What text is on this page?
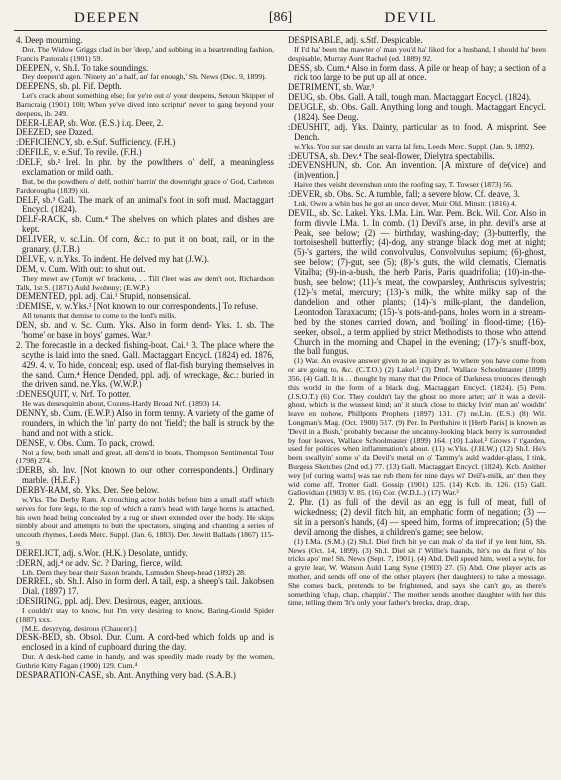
DEEPEN	[86]	DEVIL

4. Deep mourning.

Dor. The Widow Griggs clad in her 'deep,' and sobbing in a heartrending fashion, Francis Pastorals (1901) 59.

DEEPEN, v. Sh.I. To take soundings.

Dey deepen'd agen. 'Ninety an' a half, an' far enough,' Sh. News (Dec. 9, 1899).

DEEPENS, sb. pl. Fif. Depth.

Let's crack about something else; for ye're out o' your deepens, Setoun Skipper of Barncraig (1901) 100; When ye've dived into scriptur' never to gang beyond your deepens, ib. 249.

DEER-LEAP, sb. Wor. (E.S.) i.q. Deer, 2.

DEEZED, see Dazed.

:DEFICIENCY, sb. e.Suf. Sufficiency. (F.H.)

:DEFILE, v. e.Suf. To revile. (F.H.)

:DELF, sb.² Irel. In phr. by the powlthers o' delf, a meaningless exclamation or mild oath.

But, be the powdhers o' delf, nothin' barrin' the downright grace o' God, Carleton Fardorougha (1839) xii.

DELF, sb.³ Gall. The mark of an animal's foot in soft mud. Mactaggart Encycl. (1824).

DELF-RACK, sb. Cum.⁴ The shelves on which plates and dishes are kept.

DELIVER, v. sc.Lin. Of corn, &c.: to put it on boat, rail, or in the granary. (J.T.B.)

DELVE, v. n.Yks. To indent. He delved my hat (J.W.).

DEM, v. Cum. With out: to shut out.

They mewt aw (Tom)t wi' brackens, . . Till t'leet was aw dem't oot, Richardson Talk, 1st S. (1871) Auld Jwohnny; (E.W.P.)

DEMENTED, ppl. adj. Cai.¹ Stupid, nonsensical.

:DEMISE, v. w.Yks.² [Not known to our correspondents.] To refuse.

All tenants that demise to come to the lord's mills.

DEN, sb. and v. Sc. Cum. Yks. Also in form dend- Yks. 1. sb. The 'home' or base in boys' games. War.³

2. The forecastle in a decked fishing-boat. Cai.¹ 3. The place where the scythe is laid into the sned. Gall. Mactaggart Encycl. (1824) ed. 1876, 429. 4. v. To hide, conceal; esp. used of flat-fish burying themselves in the sand. Cum.⁴ Hence Dended, ppl. adj. of wreckage, &c.: buried in the driven sand. ne.Yks. (W.W.P.)

:DENESQUIT, v. Nrf. To potter.

He was denesquittin about, Cozens-Hardy Broad Nrf. (1893) 14.

DENNY, sb. Cum. (E.W.P.) Also in form tenny. A variety of the game of rounders, in which the 'in' party do not 'field'; the ball is struck by the hand and not with a stick.

DENSE, v. Obs. Cum. To pack, crowd.

Not a few, both small and great, all dens'd in boats, Thompson Sentimental Tour (1798) 274.

:DERB, sb. Inv. [Not known to our other correspondents.] Ordinary marble. (H.E.F.)

DERBY-RAM, sb. Yks. Der. See below.

w.Yks. The Derby Ram. A crouching actor holds before him a small staff which serves for fore legs, to the top of which a ram's head with large horns is attached, his own head being concealed by a rug or sheet extended over the body. He skips nimbly about and attempts to butt the spectators, singing and chanting a series of uncouth rhymes, Leeds Merc. Suppl. (Jan. 6, 1883). Der. Jewitt Ballads (1867) 115-9.

DERELICT, adj. s.Wor. (H.K.) Desolate, untidy.

:DERN, adj.⁴ or adv. Sc. ? Daring, fierce, wild.

Lth. Dern they bear their Saxon brands, Lumsden Sheep-head (1892) 28.

DERREL, sb. Sh.I. Also in form derl. A tail, esp. a sheep's tail. Jakobsen Dial. (1897) 17.

:DESIRING, ppl. adj. Dev. Desirous, eager, anxious.

I couldn't stay to know, but I'm very desiring to know, Baring-Gould Spider (1887) xxx.

[M.E. desyryng, desirous (Chaucer).]

DESK-BED, sb. Obsol. Dur. Cum. A cord-bed which folds up and is enclosed in a kind of cupboard during the day.

Dur. A desk-bed came in handy, and was speedily made ready by the women, Guthrie Kitty Fagan (1900) 129. Cum.⁴

DESPARATION-CASE, sb. Ant. Anything very bad. (S.A.B.)

DESPISABLE, adj. s.Stf. Despicable.

If I'd ha' been the mawter o' man you'd ha' liked for a husband, I should ha' been despisable, Murray Aunt Rachel (ed. 1889) 92.

DESS, sb. Cum.⁴ Also in form dass. A pile or heap of hay; a section of a rick too large to be put up all at once.

DETRIMENT, sb. War.³

DEUG, sb. Obs. Gall. A tall, tough man. Mactaggart Encycl. (1824).

DEUGLE, sb. Obs. Gall. Anything long and tough. Mactaggart Encycl. (1824). See Deug.

:DEUSHIT, adj. Yks. Dainty, particular as to food. A misprint. See Dench.

w.Yks. You sur sae deusht an varra lal fets, Leeds Merc. Suppl. (Jan. 9, 1892).

:DEUTSA, sb. Dev.⁴ The seal-flower, Dielytra spectabilis.

:DEVENSHUN, sb. Cor. An invention. [A mixture of de(vice) and (in)vention.]

Haive thes veisht devenshun onto the roofing say, T. Towser (1873) 56.

:DEVER, sb. Obs. Sc. A tumble, fall; a severe blow. Cf. deave, 3.

Lnk. Owre a whin bus he got an unco dever, Muir Old. Minstr. (1816) 4.

DEVIL, sb. Sc. Lakel. Yks. I.Ma. Lin. War. Pem. Bck. Wil. Cor. Also in form divvle I.Ma. 1. In comb. (1) Devil's arse, in phr. devil's arse at Peak, see below; (2) — birthday, washing-day; (3)-butterfly, the tortoiseshell butterfly; (4)-dog, any strange black dog met at night; (5)-'s garters, the wild convolvulus, Convolvulus sepium; (6)-ghost, see below; (7)-gut, see (5); (8)-'s guts, the wild clematis, Clematis Vitalba; (9)-in-a-bush, the herb Paris, Paris quadrifolia; (10)-in-the-bush, see below; (11)-'s meat, the cowparsley, Anthriscus sylvestris; (12)-'s metal, mercury; (13)-'s milk, the white milky sap of the dandelion and other plants; (14)-'s milk-plant, the dandelion, Leontodon Taraxacum; (15)-'s pots-and-pans, holes worn in a stream-bed by the stones carried down, and 'boiling' in flood-time; (16)-seeker, obsol., a term applied by strict Methodists to those who attend Church in the morning and Chapel in the evening; (17)-'s snuff-box, the ball fungus.

(1) War. An evasive answer given to an inquiry as to where you have come from or are going to, &c. (C.T.O.) (2) Lakel.² (3) Dmf. Wallace Schoolmaster (1899) 356. (4) Gall. It is . . thought by many that the Prince of Darkness trounces through this world in the form of a black dog, Mactaggart Encycl. (1824). (5) Pem. (J.S.O.T.) (6) Cor. They couldn't lay the ghost no more arter; an' it was a devil-ghost, which is the wussest kind; an' it stuck close to thicky Ivin' man an' wouldn' leave en nohow, Phillpotts Prophets (1897) 131. (7) ne.Lin. (E.S.) (8) Wil. Longman's Mag. (Oct. 1900) 517. (9) Per. In Perthshire it [Herb Paris] is known as 'Devil in a Bush,' probably because the uncanny-looking black berry is surrounded by four leaves, Wallace Schoolmaster (1899) 164. (10) Lakel.² Grows i' t'garden, used fer poltices when inflammation's about. (11) w.Yks. (J.H.W.) (12) Sh.I. He's been swallyin' some o' da Devil's metal on o' Tammy's auld wadder-glass, I tink, Burgess Sketches (2nd ed.) 77. (13) Gall. Mactaggart Encycl. (1824). Kcb. Anither wey [of curing warts] was tae rub them fer nine days wi' Deil's-milk, an' then they wid come aff, Trotter Gall. Gossip (1901) 125. (14) Kcb. ib. 126. (15) Gall. Gallovidian (1903) V. 85. (16) Cor. (W.D.L.) (17) War.³

2. Phr. (1) as full of the devil as an egg is full of meat, full of wickedness; (2) devil fitch hit, an emphatic form of negation; (3) — sit in a person's hands, (4) — speed him, forms of imprecation; (5) the devil among the dishes, a children's game; see below.

(1) I.Ma. (S.M.) (2) Sh.I. Diel fitch hit ye can mak o' da tief if ye lent him, Sh. News (Oct. 14, 1899). (3) Sh.I. Diel sit i' Willie's haands, hit's no da first o' his tricks apo' me! Sh. News (Sept. 7, 1901). (4) Abd. Dell speed him, weel a wyte, for a gryte lear, W. Watson Auld Lang Syne (1903) 27. (5) Abd. One player acts as mother, and sends off one of the other players (her daughters) to take a message. She comes back, pretends to be frightened, and says she can't go, as there's something 'chap, chap, chappin'.' The mother sends another daughter with her this time, telling them 'It's only your father's brecks, drap, drap,
